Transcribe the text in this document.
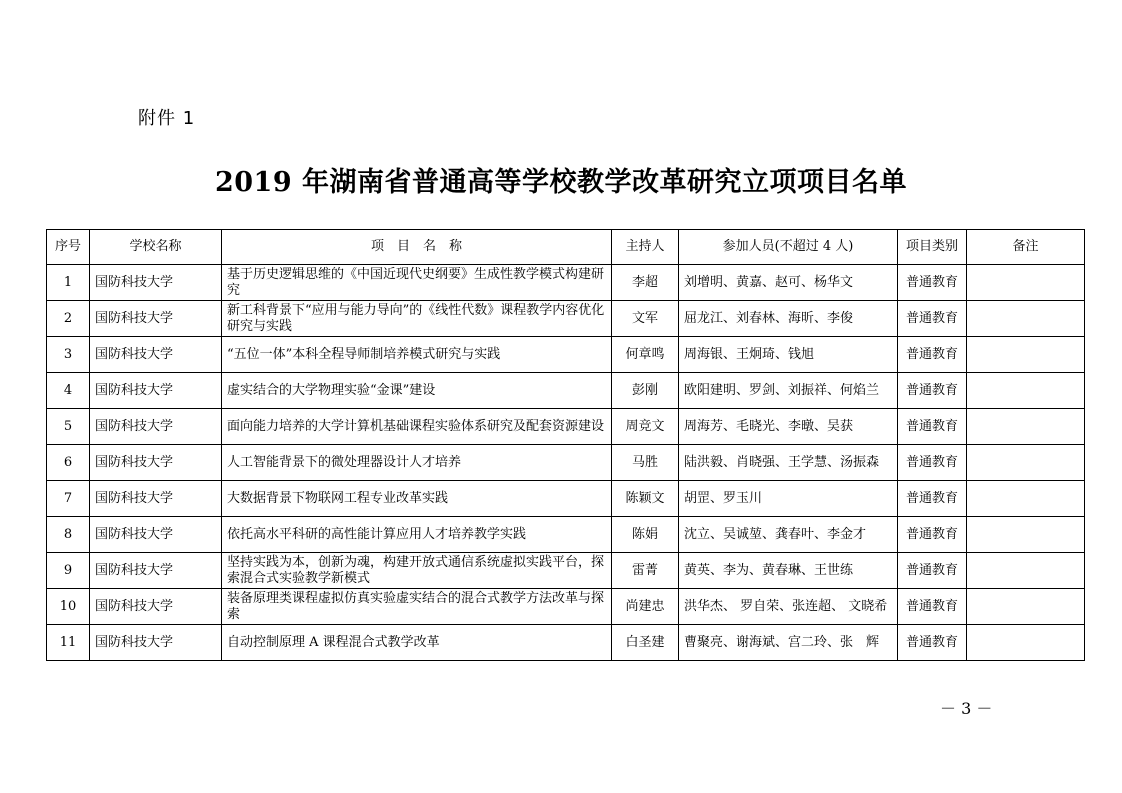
附件 1
2019 年湖南省普通高等学校教学改革研究立项项目名单
序号	学校名称	项　目　名　称	主持人	参加人员(不超过 4 人)	项目类别	备注
1	国防科技大学	基于历史逻辑思维的《中国近现代史纲要》生成性教学模式构建研究	李超	刘增明、黄嘉、赵可、杨华文	普通教育	
2	国防科技大学	新工科背景下“应用与能力导向”的《线性代数》课程教学内容优化研究与实践	文军	屈龙江、刘春林、海昕、李俊	普通教育	
3	国防科技大学	“五位一体”本科全程导师制培养模式研究与实践	何章鸣	周海银、王炯琦、钱旭	普通教育	
4	国防科技大学	虚实结合的大学物理实验“金课”建设	彭刚	欧阳建明、罗剑、刘振祥、何焰兰	普通教育	
5	国防科技大学	面向能力培养的大学计算机基础课程实验体系研究及配套资源建设	周竞文	周海芳、毛晓光、李暾、吴获	普通教育	
6	国防科技大学	人工智能背景下的微处理器设计人才培养	马胜	陆洪毅、肖晓强、王学慧、汤振森	普通教育	
7	国防科技大学	大数据背景下物联网工程专业改革实践	陈颖文	胡罡、罗玉川	普通教育	
8	国防科技大学	依托高水平科研的高性能计算应用人才培养教学实践	陈娟	沈立、吴诚堃、龚春叶、李金才	普通教育	
9	国防科技大学	坚持实践为本，创新为魂，构建开放式通信系统虚拟实践平台，探索混合式实验教学新模式	雷菁	黄英、李为、黄春琳、王世练	普通教育	
10	国防科技大学	装备原理类课程虚拟仿真实验虚实结合的混合式教学方法改革与探索	尚建忠	洪华杰、 罗自荣、张连超、 文晓希	普通教育	
11	国防科技大学	自动控制原理 A 课程混合式教学改革	白圣建	曹聚亮、谢海斌、宫二玲、张　辉	普通教育	
－ 3 －
